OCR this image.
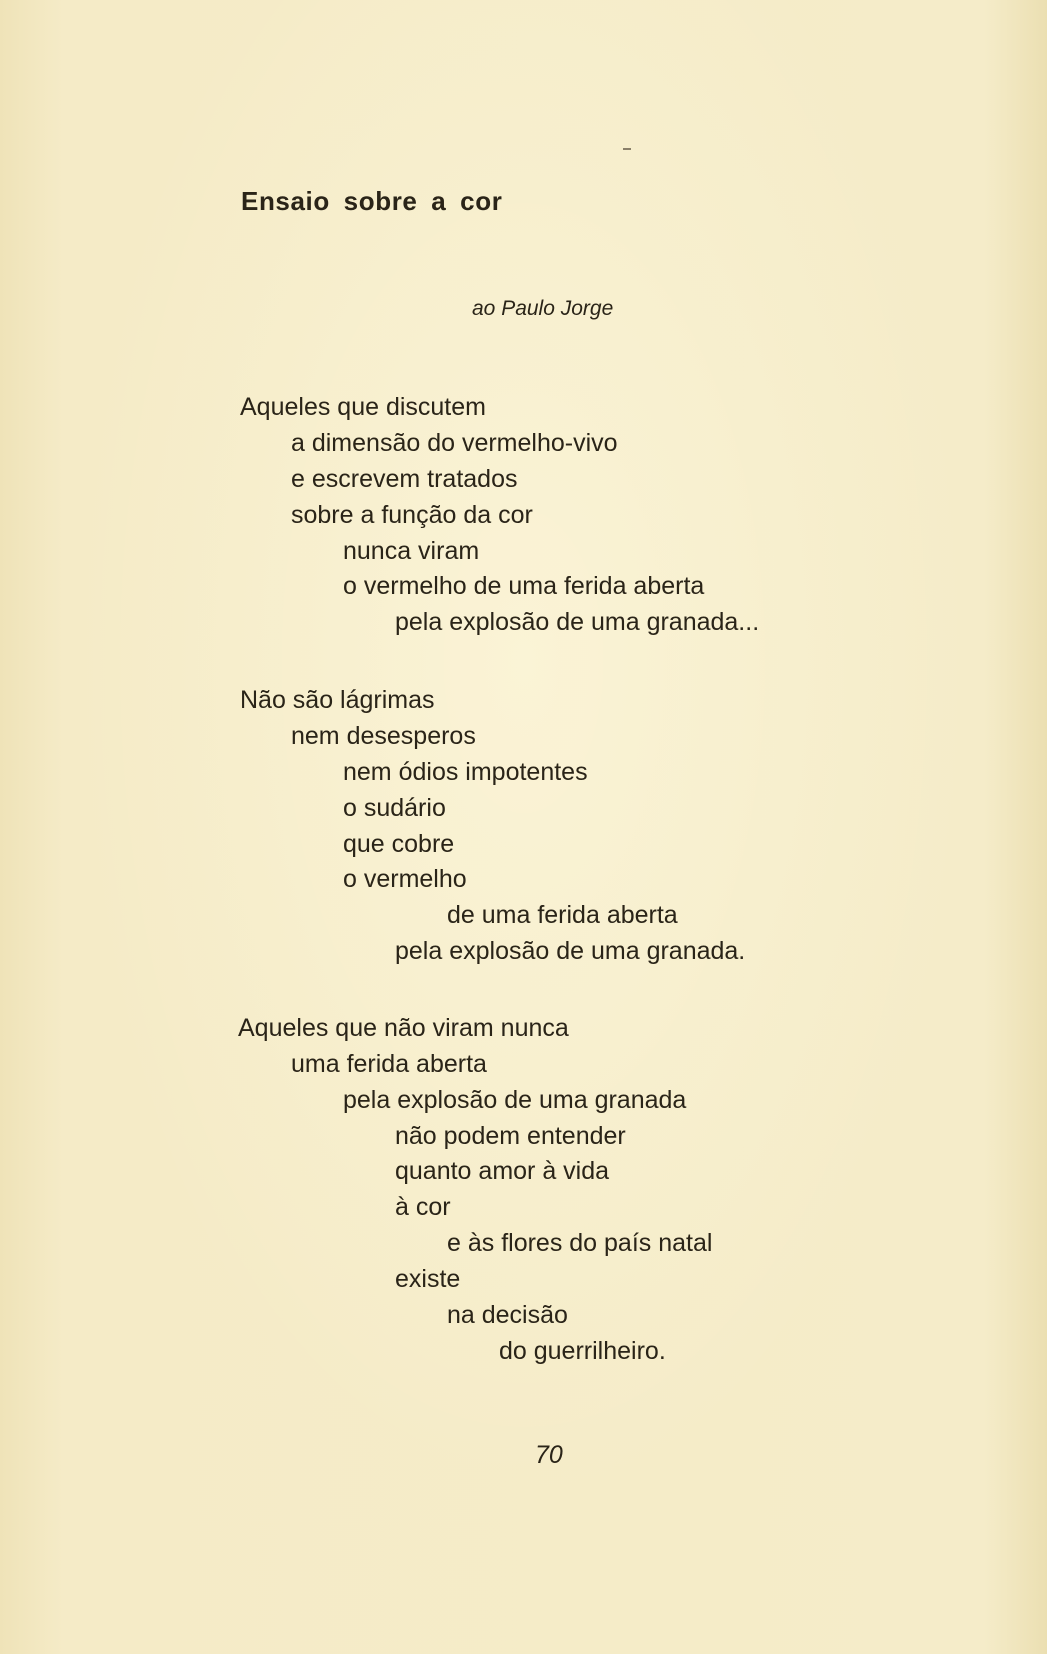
Ensaio sobre a cor
ao Paulo Jorge
Aqueles que discutem
a dimensão do vermelho-vivo
e escrevem tratados
sobre a função da cor
nunca viram
o vermelho de uma ferida aberta
pela explosão de uma granada...
Não são lágrimas
nem desesperos
nem ódios impotentes
o sudário
que cobre
o vermelho
de uma ferida aberta
pela explosão de uma granada.
Aqueles que não viram nunca
uma ferida aberta
pela explosão de uma granada
não podem entender
quanto amor à vida
à cor
e às flores do país natal
existe
na decisão
do guerrilheiro.
70
